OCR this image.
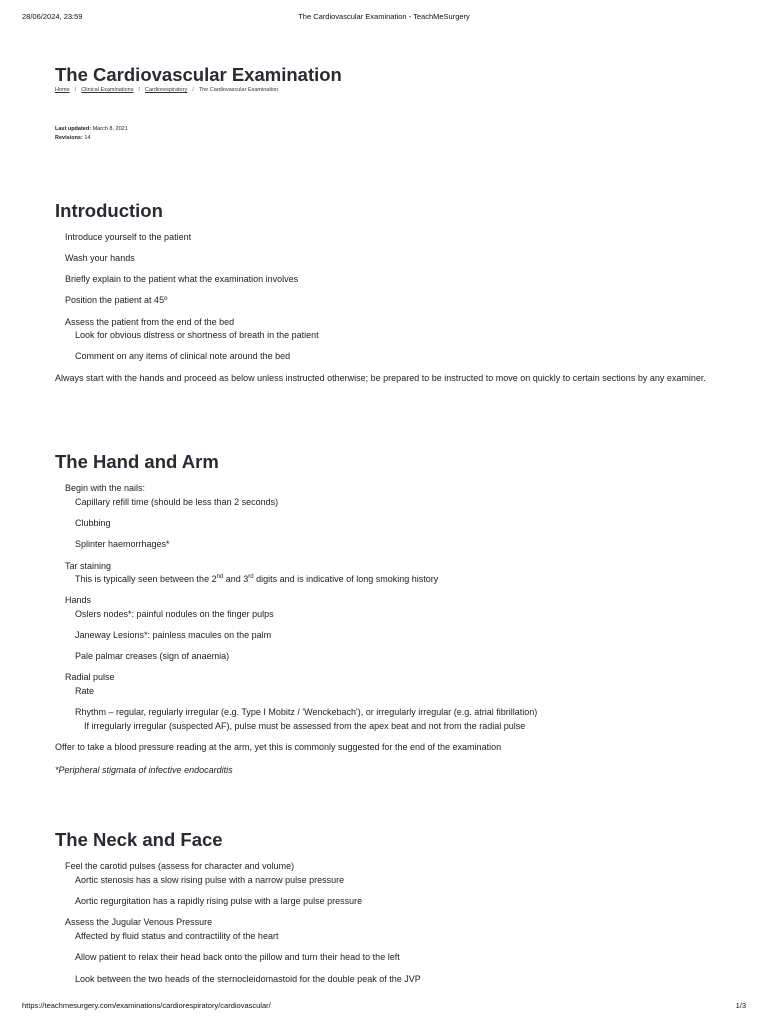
28/06/2024, 23:59	The Cardiovascular Examination - TeachMeSurgery
The Cardiovascular Examination
Home / Clinical Examinations / Cardiorespiratory / The Cardiovascular Examination
Last updated: March 8, 2021
Revisions: 14
Introduction
Introduce yourself to the patient
Wash your hands
Briefly explain to the patient what the examination involves
Position the patient at 45º
Assess the patient from the end of the bed
Look for obvious distress or shortness of breath in the patient
Comment on any items of clinical note around the bed

Always start with the hands and proceed as below unless instructed otherwise; be prepared to be instructed to move on quickly to certain sections by any examiner.

The Hand and Arm
Begin with the nails:
Capillary refill time (should be less than 2 seconds)
Clubbing
Splinter haemorrhages*
Tar staining
This is typically seen between the 2nd and 3rd digits and is indicative of long smoking history
Hands
Oslers nodes*: painful nodules on the finger pulps
Janeway Lesions*: painless macules on the palm
Pale palmar creases (sign of anaemia)
Radial pulse
Rate
Rhythm – regular, regularly irregular (e.g. Type I Mobitz / 'Wenckebach'), or irregularly irregular (e.g. atrial fibrillation)
If irregularly irregular (suspected AF), pulse must be assessed from the apex beat and not from the radial pulse

Offer to take a blood pressure reading at the arm, yet this is commonly suggested for the end of the examination

*Peripheral stigmata of infective endocarditis
The Neck and Face
Feel the carotid pulses (assess for character and volume)
Aortic stenosis has a slow rising pulse with a narrow pulse pressure
Aortic regurgitation has a rapidly rising pulse with a large pulse pressure
Assess the Jugular Venous Pressure
Affected by fluid status and contractility of the heart
Allow patient to relax their head back onto the pillow and turn their head to the left
Look between the two heads of the sternocleidomastoid for the double peak of the JVP
https://teachmesurgery.com/examinations/cardiorespiratory/cardiovascular/	1/3
